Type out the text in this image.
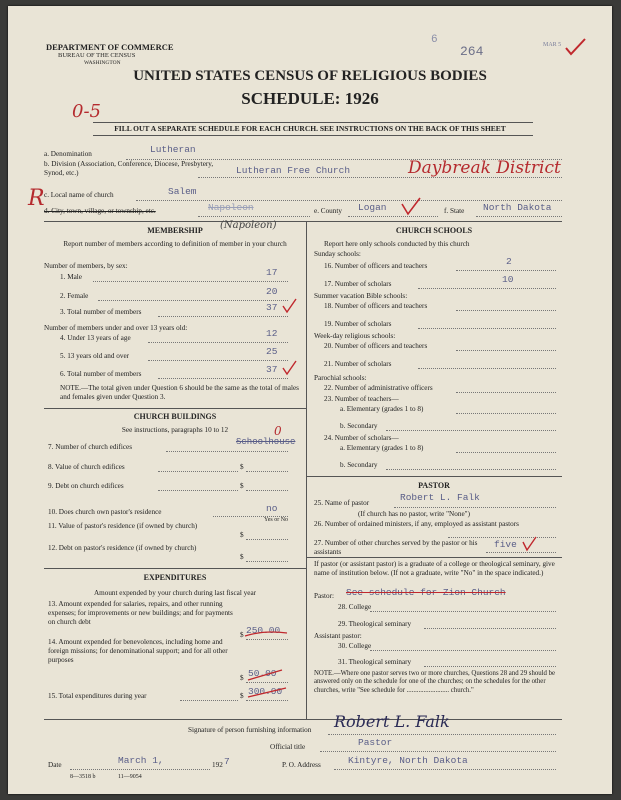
DEPARTMENT OF COMMERCE
BUREAU OF THE CENSUS
WASHINGTON
6
264	MAR 5
UNITED STATES CENSUS OF RELIGIOUS BODIES
SCHEDULE: 1926
0-5
FILL OUT A SEPARATE SCHEDULE FOR EACH CHURCH. SEE INSTRUCTIONS ON THE BACK OF THIS SHEET
a. Denomination	Lutheran
b. Division (Association, Conference, Diocese, Presbytery, Synod, etc.)	Lutheran Free Church	Daybreak District
R c. Local name of church	Salem
d. City, town, village, or township, etc.	Napoleon	e. County Logan	f. State North Dakota
MEMBERSHIP	(Napoleon)
Report number of members according to definition of member in your church
Number of members, by sex:
1. Male	17
2. Female	20
3. Total number of members	37
Number of members under and over 13 years old:
4. Under 13 years of age	12
5. 13 years old and over	25
6. Total number of members	37
NOTE.—The total given under Question 6 should be the same as the total of males and females given under Question 3.
CHURCH BUILDINGS
See instructions, paragraphs 10 to 12
7. Number of church edifices	Schoolhouse
0
8. Value of church edifices	$
9. Debt on church edifices	$
10. Does church own pastor's residence	no
Yes or No
11. Value of pastor's residence (if owned by church)
$
12. Debt on pastor's residence (if owned by church)
$
EXPENDITURES
Amount expended by your church during last fiscal year
13. Amount expended for salaries, repairs, and other running expenses; for improvements or new buildings; and for payments on church debt
$ 250.00
14. Amount expended for benevolences, including home and foreign missions; for denominational support; and for all other purposes
$ 50.00
15. Total expenditures during year	$ 300.00
CHURCH SCHOOLS
Report here only schools conducted by this church
Sunday schools:
16. Number of officers and teachers	2
17. Number of scholars	10
Summer vacation Bible schools:
18. Number of officers and teachers
19. Number of scholars
Week-day religious schools:
20. Number of officers and teachers
21. Number of scholars
Parochial schools:
22. Number of administrative officers
23. Number of teachers—
a. Elementary (grades 1 to 8)
b. Secondary
24. Number of scholars—
a. Elementary (grades 1 to 8)
b. Secondary
PASTOR
25. Name of pastor	Robert L. Falk
(If church has no pastor, write "None")
26. Number of ordained ministers, if any, employed as assistant pastors
27. Number of other churches served by the pastor or his assistants
five
If pastor (or assistant pastor) is a graduate of a college or theological seminary, give name of institution below. (If not a graduate, write "No" in the space indicated.)
Pastor: See schedule for Zion Church
28. College
29. Theological seminary
Assistant pastor:
30. College
31. Theological seminary
NOTE.—Where one pastor serves two or more churches, Questions 28 and 29 should be answered only on the schedule for one of the churches; on the schedules for the other churches, write "See schedule for ......................... church."
Signature of person furnishing information Robert L. Falk
Official title	Pastor
Date	March 1,	192 7
8—3518 b	11—9054
P. O. Address	Kintyre, North Dakota
